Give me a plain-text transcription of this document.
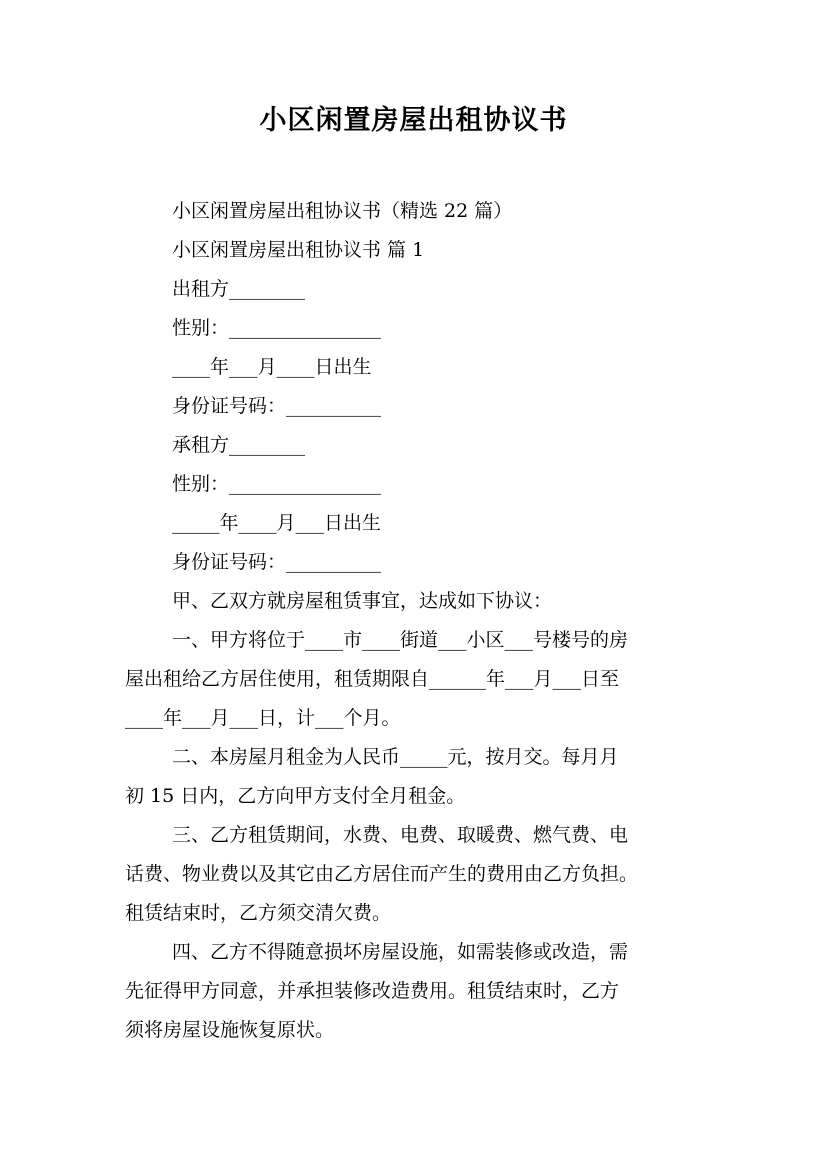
小区闲置房屋出租协议书
小区闲置房屋出租协议书（精选 22 篇）
小区闲置房屋出租协议书 篇 1
出租方________
性别：________________
____年___月____日出生
身份证号码：__________
承租方________
性别：________________
_____年____月___日出生
身份证号码：__________
甲、乙双方就房屋租赁事宜，达成如下协议：
一、甲方将位于____市____街道___小区___号楼号的房
屋出租给乙方居住使用，租赁期限自______年___月___日至
____年___月___日，计___个月。
二、本房屋月租金为人民币_____元，按月交。每月月
初 15 日内，乙方向甲方支付全月租金。
三、乙方租赁期间，水费、电费、取暖费、燃气费、电
话费、物业费以及其它由乙方居住而产生的费用由乙方负担。
租赁结束时，乙方须交清欠费。
四、乙方不得随意损坏房屋设施，如需装修或改造，需
先征得甲方同意，并承担装修改造费用。租赁结束时，乙方
须将房屋设施恢复原状。
